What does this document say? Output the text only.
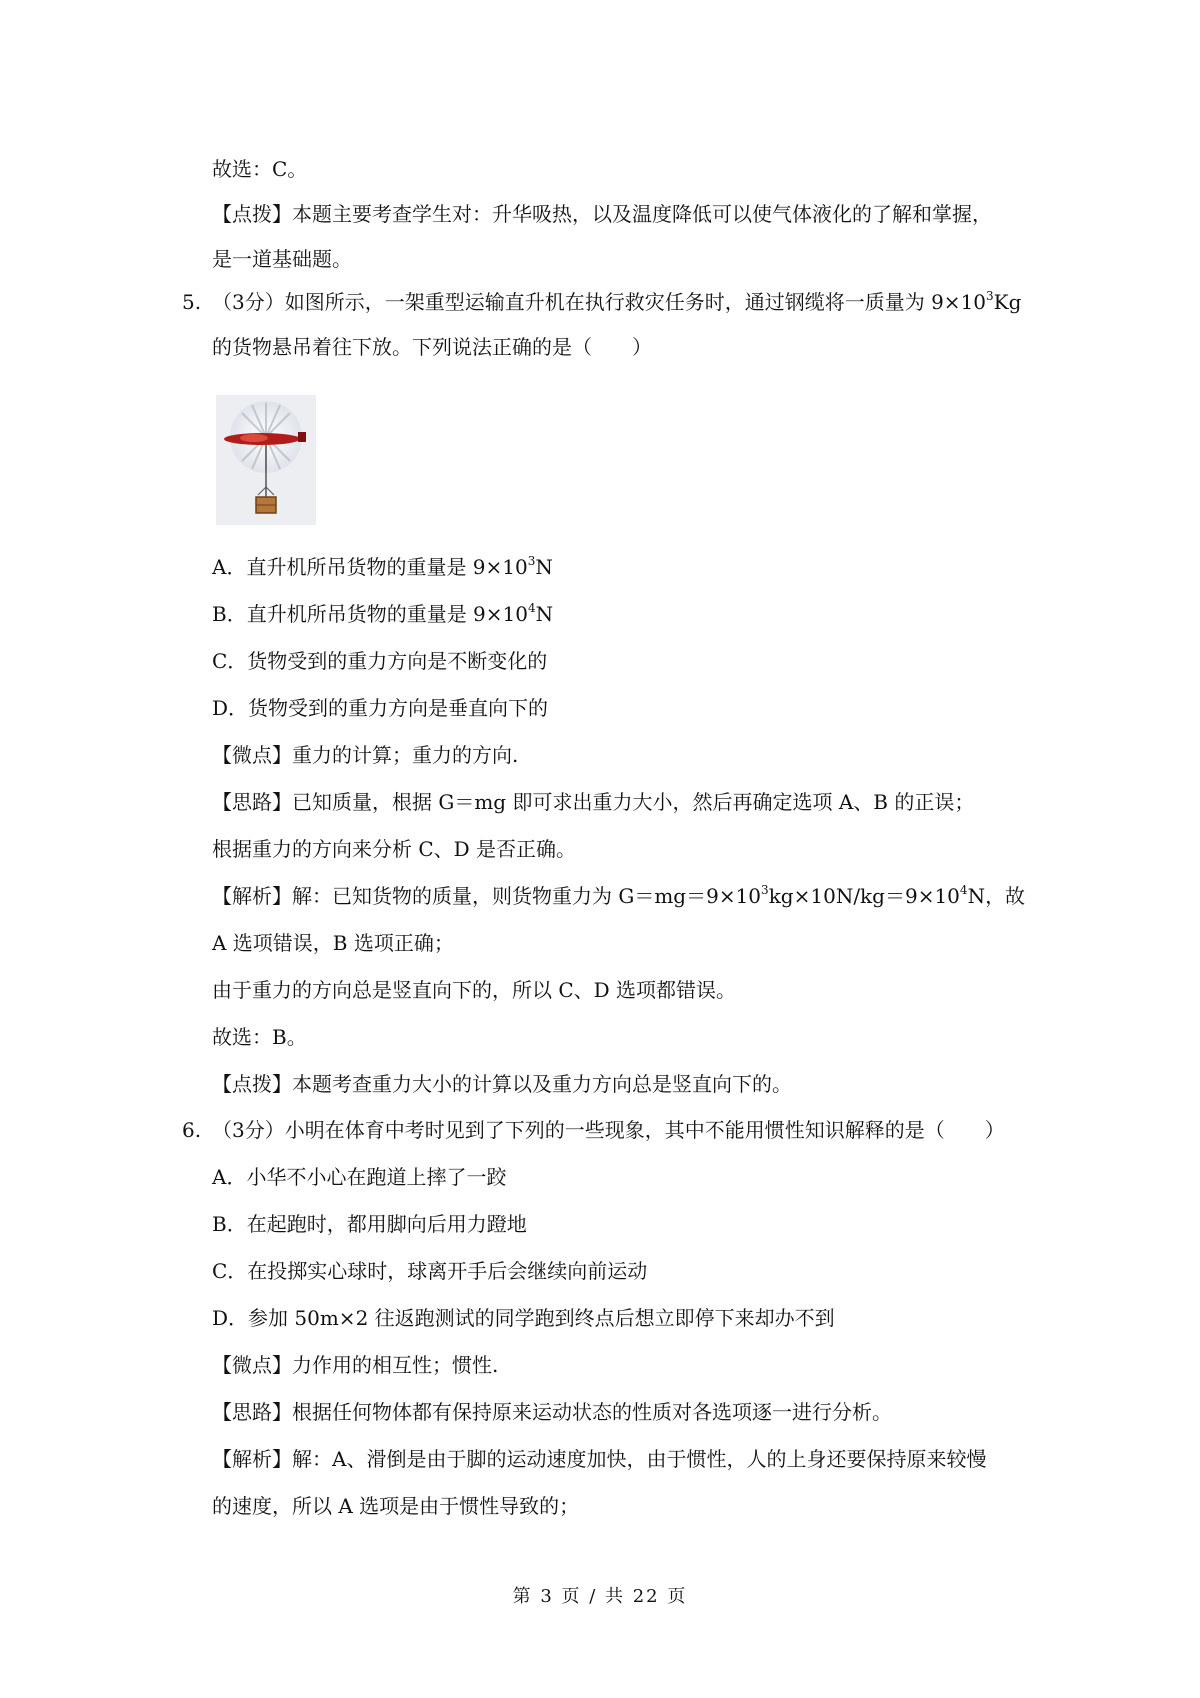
故选：C。
【点拨】本题主要考查学生对：升华吸热，以及温度降低可以使气体液化的了解和掌握，
是一道基础题。
5. （3分）如图所示，一架重型运输直升机在执行救灾任务时，通过钢缆将一质量为 $9\times 10^3Kg$
的货物悬吊着往下放。下列说法正确的是（　　）
A．直升机所吊货物的重量是 $9\times 10^3N$
B．直升机所吊货物的重量是 $9\times 10^4N$
C．货物受到的重力方向是不断变化的
D．货物受到的重力方向是垂直向下的
【微点】重力的计算；重力的方向.
【思路】已知质量，根据 G＝mg 即可求出重力大小，然后再确定选项 A、B 的正误；
根据重力的方向来分析 C、D 是否正确。
【解析】解：已知货物的质量，则货物重力为 $G=mg=9\times 10^3kg\times 10N/kg=9\times 10^4N$，故
A 选项错误，B 选项正确；
由于重力的方向总是竖直向下的，所以 C、D 选项都错误。
故选：B。
【点拨】本题考查重力大小的计算以及重力方向总是竖直向下的。
6. （3分）小明在体育中考时见到了下列的一些现象，其中不能用惯性知识解释的是（　　）
A．小华不小心在跑道上摔了一跤
B．在起跑时，都用脚向后用力蹬地
C．在投掷实心球时，球离开手后会继续向前运动
D．参加 50m×2 往返跑测试的同学跑到终点后想立即停下来却办不到
【微点】力作用的相互性；惯性.
【思路】根据任何物体都有保持原来运动状态的性质对各选项逐一进行分析。
【解析】解：A、滑倒是由于脚的运动速度加快，由于惯性，人的上身还要保持原来较慢
的速度，所以 A 选项是由于惯性导致的；
第 3 页 / 共 22 页
